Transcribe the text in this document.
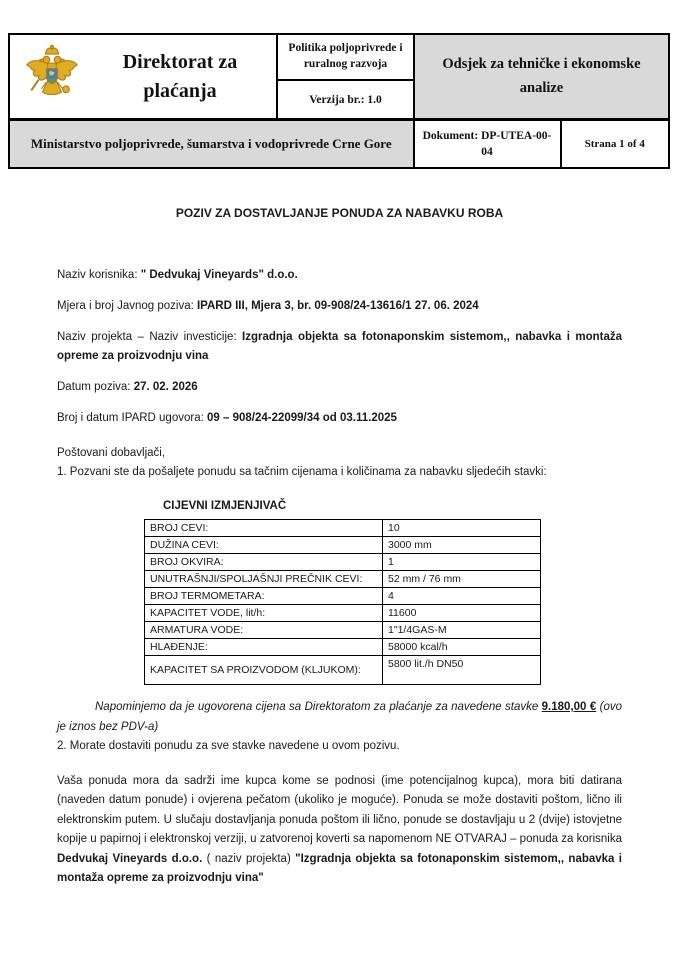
Direktorat za plaćanja
Politika poljoprivrede i ruralnog razvoja
Verzija br.: 1.0
Odsjek za tehničke i ekonomske analize
Ministarstvo poljoprivrede, šumarstva i vodoprivrede Crne Gore	Dokument: DP-UTEA-00-04
Strana 1 of 4
POZIV ZA DOSTAVLJANJE PONUDA ZA NABAVKU ROBA

Naziv korisnika: " Dedvukaj Vineyards" d.o.o.

Mjera i broj Javnog poziva: IPARD III, Mjera 3, br. 09-908/24-13616/1 27. 06. 2024

Naziv projekta – Naziv investicije: Izgradnja objekta sa fotonaponskim sistemom,, nabavka i montaža opreme za proizvodnju vina

Datum poziva: 27. 02. 2026

Broj i datum IPARD ugovora: 09 – 908/24-22099/34 od 03.11.2025

Poštovani dobavljači,

1. Pozvani ste da pošaljete ponudu sa tačnim cijenama i količinama za nabavku sljedećih stavki:

CIJEVNI IZMJENJIVAČ
BROJ CEVI:	10
DUŽINA CEVI:	3000 mm
BROJ OKVIRA:	1
UNUTRAŠNJI/SPOLJAŠNJI PREČNIK CEVI:	52 mm / 76 mm
BROJ TERMOMETARA:	4
KAPACITET VODE, lit/h:	11600
ARMATURA VODE:	1"1/4GAS-M
HLAĐENJE:	58000 kcal/h
KAPACITET SA PROIZVODOM (KLJUKOM):	5800 lit./h DN50

Napominjemo da je ugovorena cijena sa Direktoratom za plaćanje za navedene stavke 9.180,00 € (ovo je iznos bez PDV-a)

2. Morate dostaviti ponudu za sve stavke navedene u ovom pozivu.

Vaša ponuda mora da sadrži ime kupca kome se podnosi (ime potencijalnog kupca), mora biti datirana (naveden datum ponude) i ovjerena pečatom (ukoliko je moguće). Ponuda se može dostaviti poštom, lično ili elektronskim putem. U slučaju dostavljanja ponuda poštom ili lično, ponude se dostavljaju u 2 (dvije) istovjetne kopije u papirnoj i elektronskoj verziji, u zatvorenoj koverti sa napomenom NE OTVARAJ – ponuda za korisnika Dedvukaj Vineyards d.o.o. ( naziv projekta) "Izgradnja objekta sa fotonaponskim sistemom,, nabavka i montaža opreme za proizvodnju vina"
